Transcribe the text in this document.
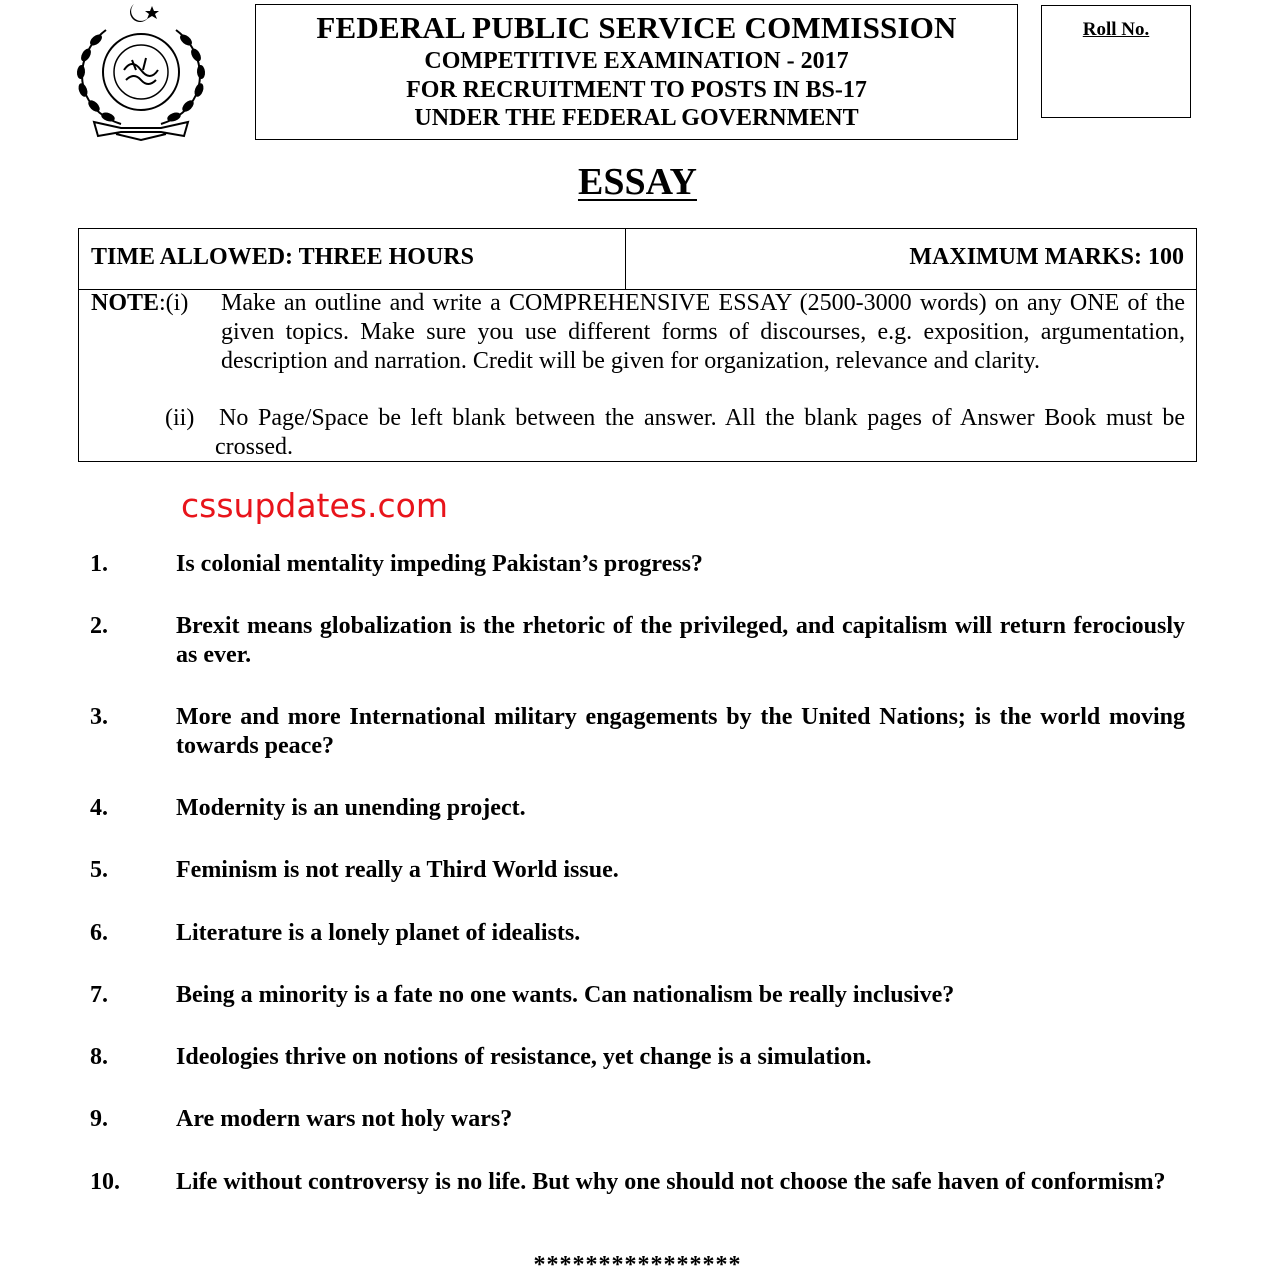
FEDERAL PUBLIC SERVICE COMMISSION
COMPETITIVE EXAMINATION - 2017
FOR RECRUITMENT TO POSTS IN BS-17
UNDER THE FEDERAL GOVERNMENT
Roll No.
ESSAY
TIME ALLOWED: THREE HOURS	MAXIMUM MARKS: 100
NOTE:(i) Make an outline and write a COMPREHENSIVE ESSAY (2500-3000 words) on any ONE of the given topics. Make sure you use different forms of discourses, e.g. exposition, argumentation, description and narration. Credit will be given for organization, relevance and clarity.
(ii) No Page/Space be left blank between the answer. All the blank pages of Answer Book must be
crossed.
cssupdates.com
1.	Is colonial mentality impeding Pakistan’s progress?
2.	Brexit means globalization is the rhetoric of the privileged, and capitalism will return ferociously as ever.
3.	More and more International military engagements by the United Nations; is the world moving towards peace?
4.	Modernity is an unending project.
5.	Feminism is not really a Third World issue.
6.	Literature is a lonely planet of idealists.
7.	Being a minority is a fate no one wants. Can nationalism be really inclusive?
8.	Ideologies thrive on notions of resistance, yet change is a simulation.
9.	Are modern wars not holy wars?
10. Life without controversy is no life. But why one should not choose the safe haven of conformism?
****************
